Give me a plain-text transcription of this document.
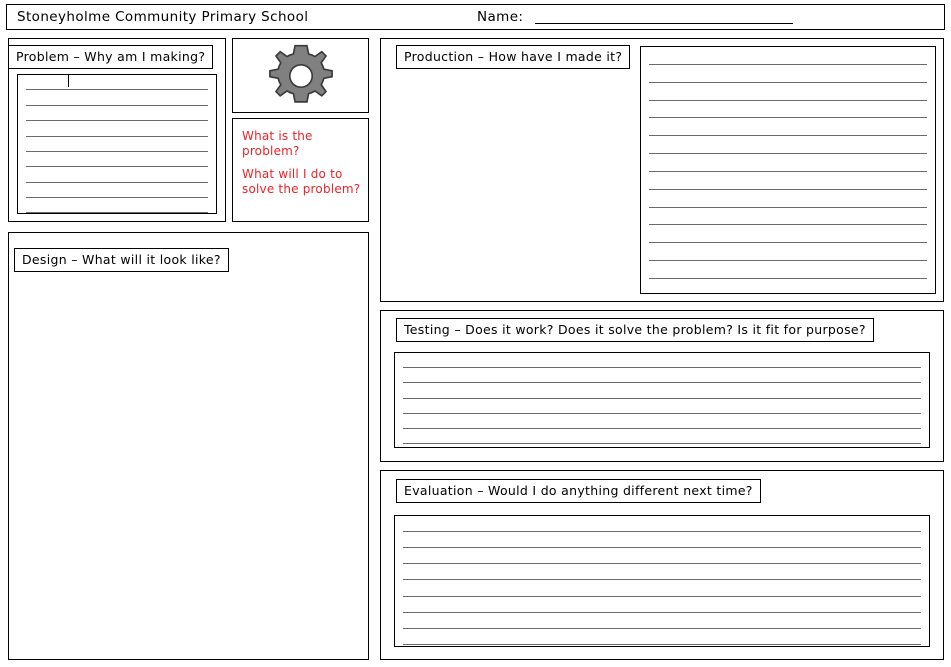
Stoneyholme Community Primary School	Name:
Problem – Why am I making?
What is the problem?
What will I do to solve the problem?
Design – What will it look like?
Production – How have I made it?
Testing – Does it work? Does it solve the problem? Is it fit for purpose?
Evaluation – Would I do anything different next time?
